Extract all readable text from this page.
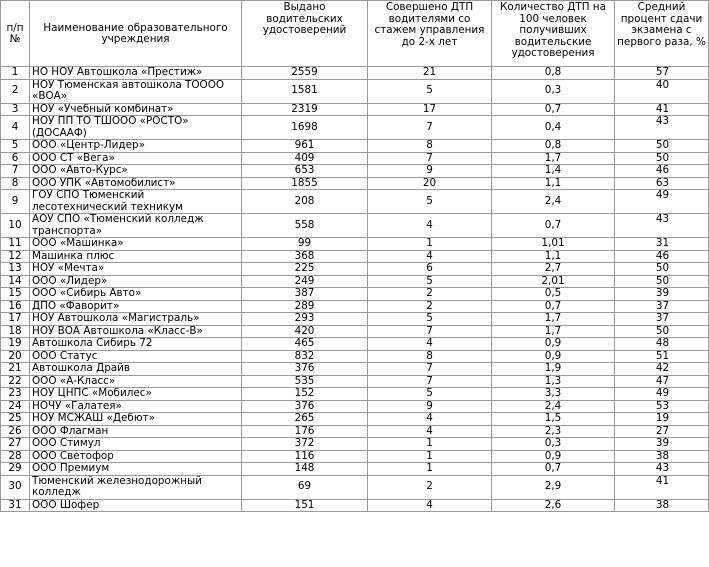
п/п №	Наименование образовательного учреждения	Выдано водительских удостоверений	Совершено ДТП водителями со стажем управления до 2-х лет	Количество ДТП на 100 человек получивших водительские удостоверения	Средний процент сдачи экзамена с первого раза, %
1	НО НОУ Автошкола «Престиж»	2559	21	0,8	57
2	НОУ Тюменская автошкола ТОООО «ВОА»	1581	5	0,3	40
3	НОУ «Учебный комбинат»	2319	17	0,7	41
4	НОУ ПП ТО ТШООО «РОСТО» (ДОСААФ)	1698	7	0,4	43
5	ООО «Центр-Лидер»	961	8	0,8	50
6	ООО СТ «Вега»	409	7	1,7	50
7	ООО «Авто-Курс»	653	9	1,4	46
8	ООО УПК «Автомобилист»	1855	20	1,1	63
9	ГОУ СПО Тюменский лесотехнический техникум	208	5	2,4	49
10	АОУ СПО «Тюменский колледж транспорта»	558	4	0,7	43
11	ООО «Машинка»	99	1	1,01	31
12	Машинка плюс	368	4	1,1	46
13	НОУ «Мечта»	225	6	2,7	50
14	ООО «Лидер»	249	5	2,01	50
15	ООО «Сибирь Авто»	387	2	0,5	39
16	ДПО «Фаворит»	289	2	0,7	37
17	НОУ Автошкола «Магистраль»	293	5	1,7	37
18	НОУ ВОА Автошкола «Класс-В»	420	7	1,7	50
19	Автошкола Сибирь 72	465	4	0,9	48
20	ООО Статус	832	8	0,9	51
21	Автошкола Драйв	376	7	1,9	42
22	ООО «А-Класс»	535	7	1,3	47
23	НОУ ЦНПС «Мобилес»	152	5	3,3	49
24	НОЧУ «Галатея»	376	9	2,4	53
25	НОУ МСЖАШ «Дебют»	265	4	1,5	19
26	ООО Флагман	176	4	2,3	27
27	ООО Стимул	372	1	0,3	39
28	ООО Светофор	116	1	0,9	38
29	ООО Премиум	148	1	0,7	43
30	Тюменский железнодорожный колледж	69	2	2,9	41
31	ООО Шофер	151	4	2,6	38
